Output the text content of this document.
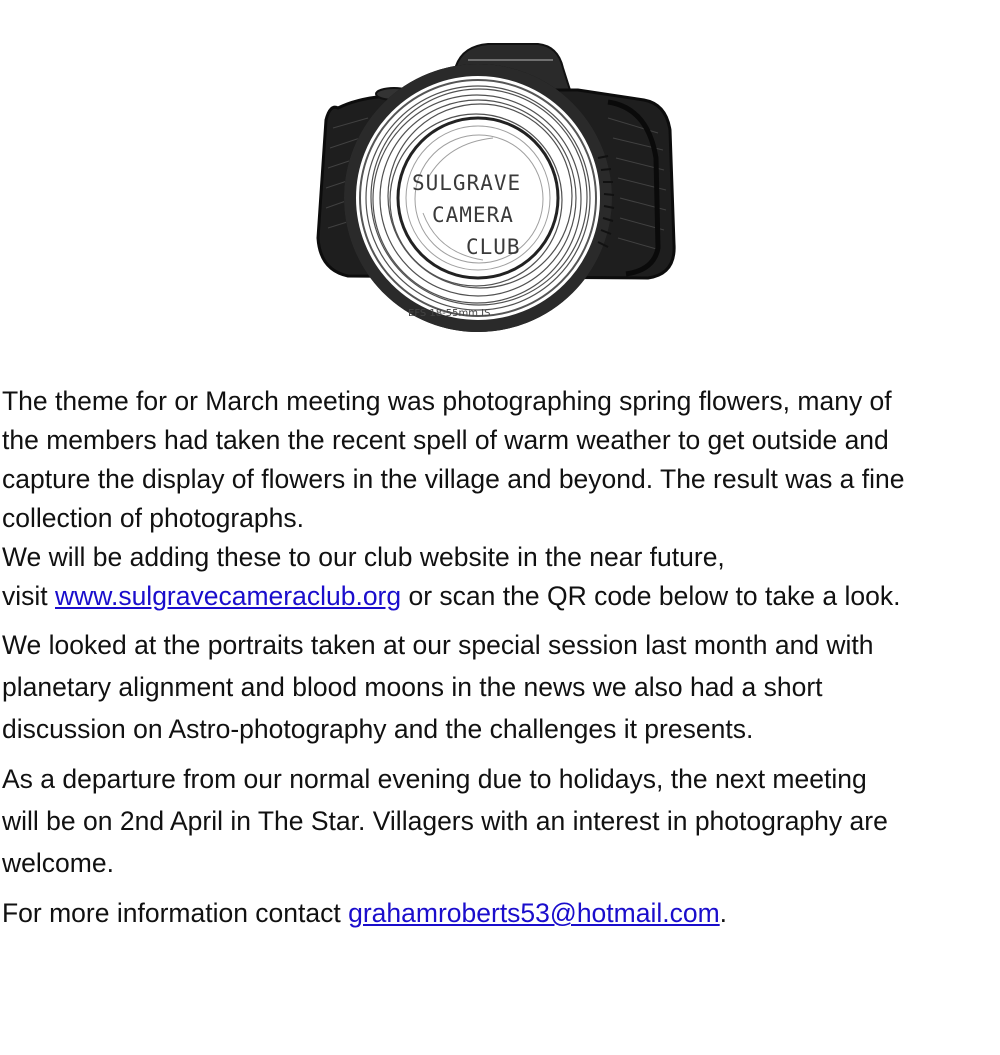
EFS 18-55mm IS
SULGRAVE
CAMERA
CLUB

The theme for or March meeting was photographing spring flowers, many of
the members had taken the recent spell of warm weather to get outside and
capture the display of flowers in the village and beyond. The result was a fine
collection of photographs.
We will be adding these to our club website in the near future,
visit www.sulgravecameraclub.org or scan the QR code below to take a look.

We looked at the portraits taken at our special session last month and with
planetary alignment and blood moons in the news we also had a short
discussion on Astro-photography and the challenges it presents.

As a departure from our normal evening due to holidays, the next meeting
will be on 2nd April in The Star. Villagers with an interest in photography are
welcome.

For more information contact grahamroberts53@hotmail.com.
